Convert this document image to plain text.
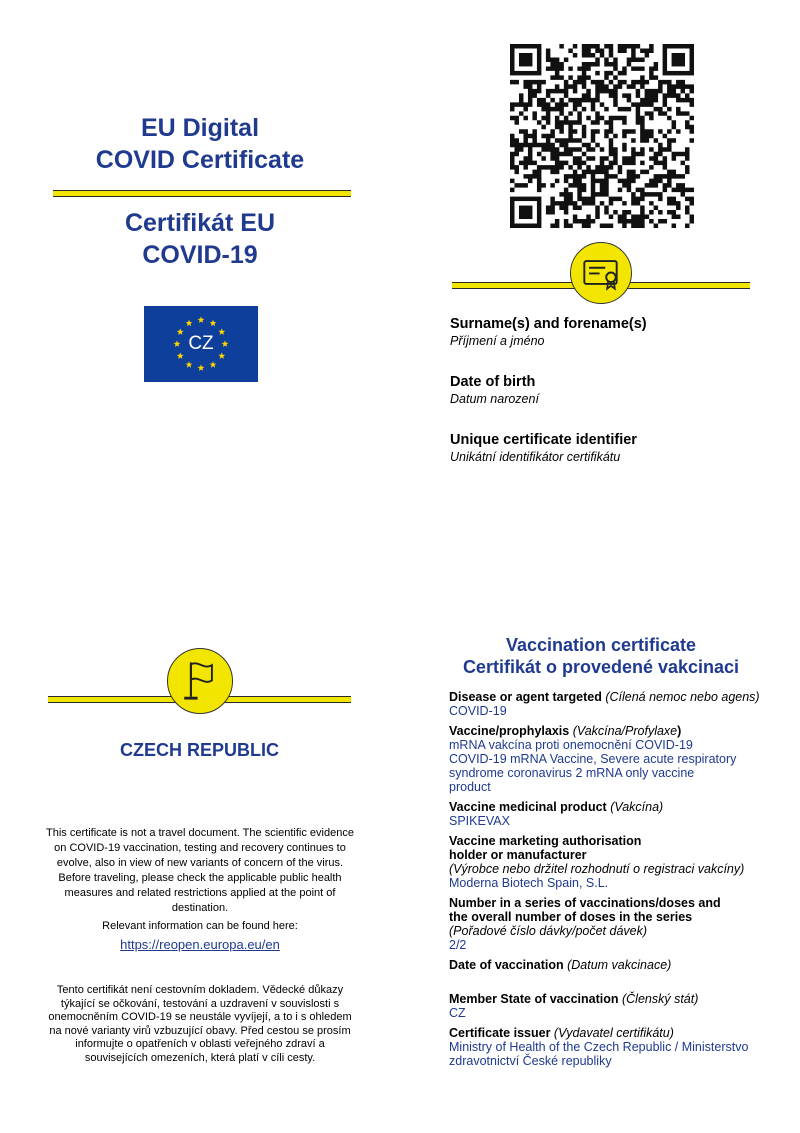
EU Digital
COVID Certificate
Certifikát EU
COVID-19
CZ
Surname(s) and forename(s)
Příjmení a jméno
Date of birth
Datum narození
Unique certificate identifier
Unikátní identifikátor certifikátu
CZECH REPUBLIC
This certificate is not a travel document. The scientific evidence on COVID-19 vaccination, testing and recovery continues to evolve, also in view of new variants of concern of the virus. Before traveling, please check the applicable public health measures and related restrictions applied at the point of destination.
Relevant information can be found here:
https://reopen.europa.eu/en
Tento certifikát není cestovním dokladem. Vědecké důkazy týkající se očkování, testování a uzdravení v souvislosti s onemocněním COVID-19 se neustále vyvíjejí, a to i s ohledem na nové varianty virů vzbuzující obavy. Před cestou se prosím informujte o opatřeních v oblasti veřejného zdraví a souvisejících omezeních, která platí v cíli cesty.
Vaccination certificate
Certifikát o provedené vakcinaci
Disease or agent targeted (Cílená nemoc nebo agens)
COVID-19
Vaccine/prophylaxis (Vakcína/Profylaxe)
mRNA vakcína proti onemocnění COVID-19
COVID-19 mRNA Vaccine, Severe acute respiratory
syndrome coronavirus 2 mRNA only vaccine
product
Vaccine medicinal product (Vakcína)
SPIKEVAX
Vaccine marketing authorisation
holder or manufacturer
(Výrobce nebo držitel rozhodnutí o registraci vakcíny)
Moderna Biotech Spain, S.L.
Number in a series of vaccinations/doses and
the overall number of doses in the series
(Pořadové číslo dávky/počet dávek)
2/2
Date of vaccination (Datum vakcinace)
Member State of vaccination (Členský stát)
CZ
Certificate issuer (Vydavatel certifikátu)
Ministry of Health of the Czech Republic / Ministerstvo
zdravotnictví České republiky
